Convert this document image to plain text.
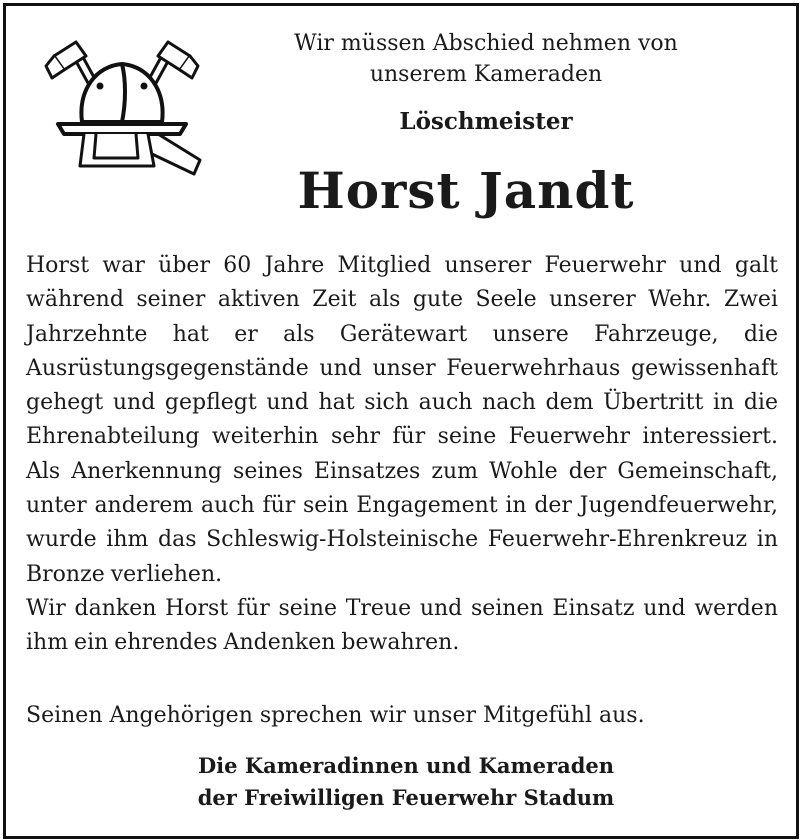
Wir müssen Abschied nehmen von
unserem Kameraden
Löschmeister
Horst Jandt

Horst war über 60 Jahre Mitglied unserer Feuerwehr und galt während seiner aktiven Zeit als gute Seele unserer Wehr. Zwei Jahrzehnte hat er als Gerätewart unsere Fahrzeuge, die Ausrüstungsgegenstände und unser Feuerwehrhaus gewissenhaft gehegt und gepflegt und hat sich auch nach dem Übertritt in die Ehrenabteilung weiterhin sehr für seine Feuerwehr interessiert. Als Anerkennung seines Einsatzes zum Wohle der Gemeinschaft, unter anderem auch für sein Engagement in der Jugendfeuerwehr, wurde ihm das Schleswig-Holsteinische Feuerwehr-Ehrenkreuz in Bronze verliehen.

Wir danken Horst für seine Treue und seinen Einsatz und werden ihm ein ehrendes Andenken bewahren.

Seinen Angehörigen sprechen wir unser Mitgefühl aus.
Die Kameradinnen und Kameraden
der Freiwilligen Feuerwehr Stadum
